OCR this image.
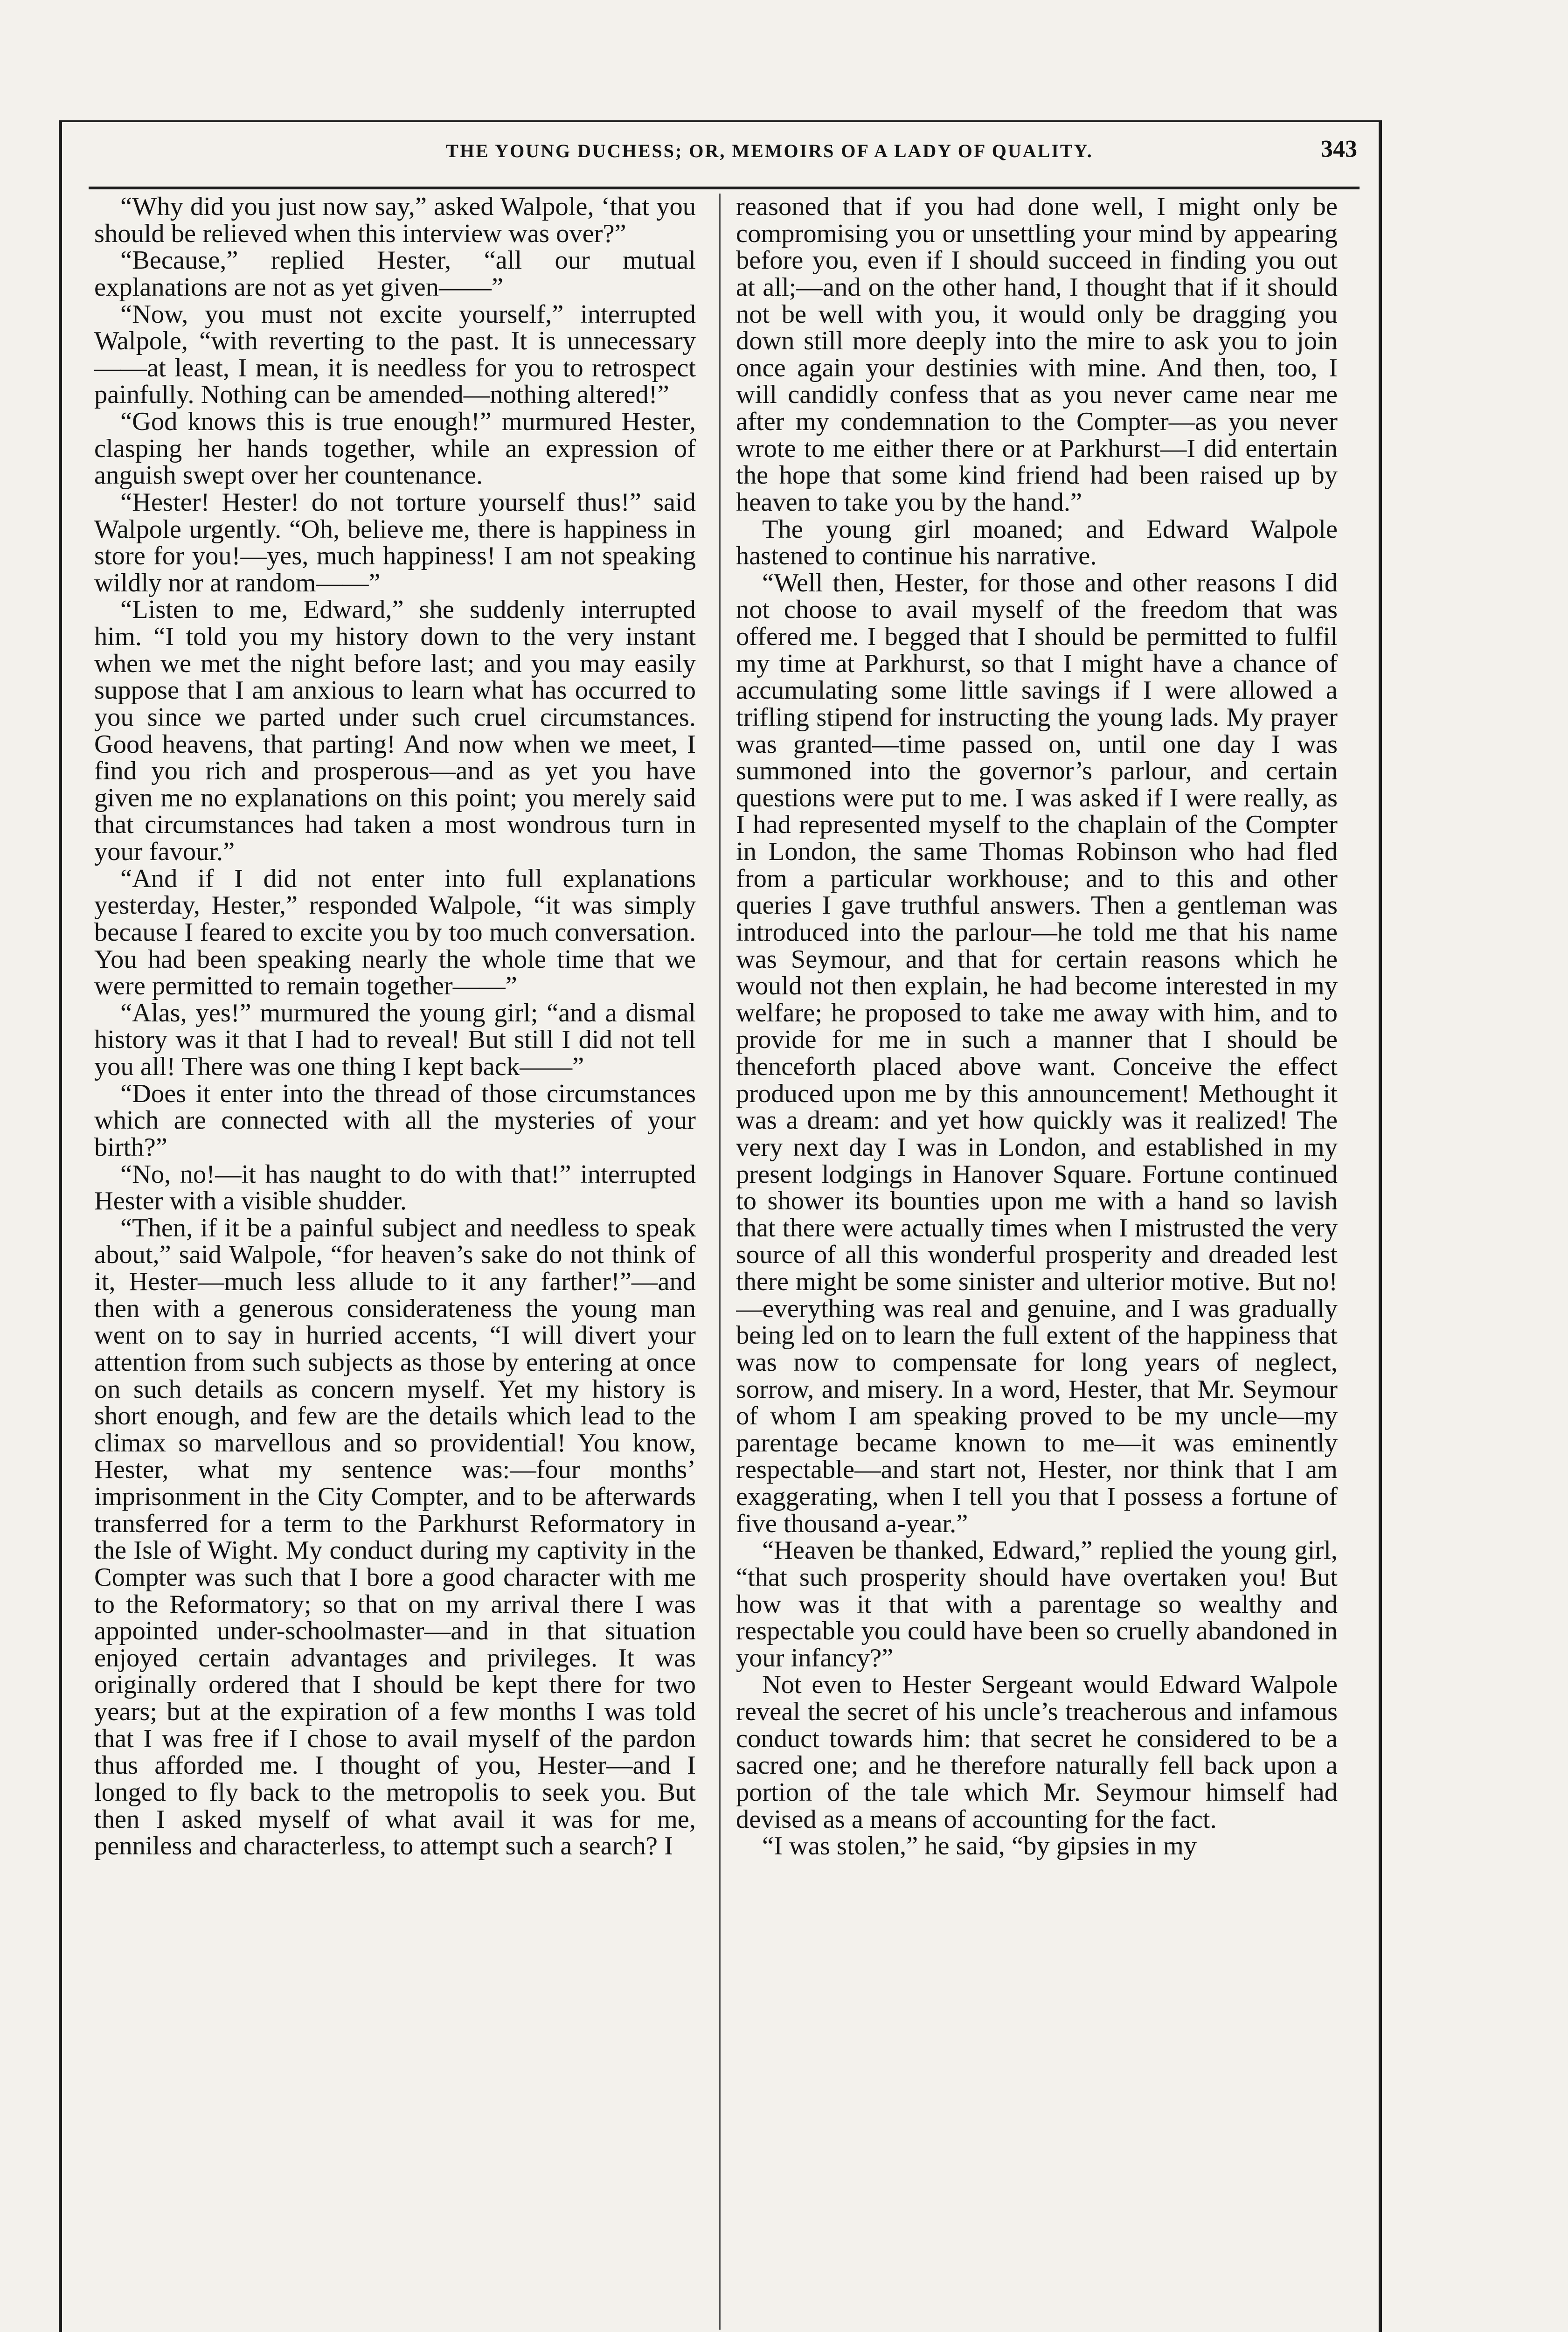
THE YOUNG DUCHESS; OR, MEMOIRS OF A LADY OF QUALITY.	343

“Why did you just now say,” asked Walpole, ‘that you should be relieved when this interview was over?”

“Because,” replied Hester, “all our mutual explanations are not as yet given——”

“Now, you must not excite yourself,” interrupted Walpole, “with reverting to the past. It is unnecessary——at least, I mean, it is needless for you to retrospect painfully. Nothing can be amended—nothing altered!”

“God knows this is true enough!” murmured Hester, clasping her hands together, while an expression of anguish swept over her countenance.

“Hester! Hester! do not torture yourself thus!” said Walpole urgently. “Oh, believe me, there is happiness in store for you!—yes, much happiness! I am not speaking wildly nor at random——”

“Listen to me, Edward,” she suddenly interrupted him. “I told you my history down to the very instant when we met the night before last; and you may easily suppose that I am anxious to learn what has occurred to you since we parted under such cruel circumstances. Good heavens, that parting! And now when we meet, I find you rich and prosperous—and as yet you have given me no explanations on this point; you merely said that circumstances had taken a most wondrous turn in your favour.”

“And if I did not enter into full explanations yesterday, Hester,” responded Walpole, “it was simply because I feared to excite you by too much conversation. You had been speaking nearly the whole time that we were permitted to remain together——”

“Alas, yes!” murmured the young girl; “and a dismal history was it that I had to reveal! But still I did not tell you all! There was one thing I kept back——”

“Does it enter into the thread of those circumstances which are connected with all the mysteries of your birth?”

“No, no!—it has naught to do with that!” interrupted Hester with a visible shudder.

“Then, if it be a painful subject and needless to speak about,” said Walpole, “for heaven’s sake do not think of it, Hester—much less allude to it any farther!”—and then with a generous considerateness the young man went on to say in hurried accents, “I will divert your attention from such subjects as those by entering at once on such details as concern myself. Yet my history is short enough, and few are the details which lead to the climax so marvellous and so providential! You know, Hester, what my sentence was:—four months’ imprisonment in the City Compter, and to be afterwards transferred for a term to the Parkhurst Reformatory in the Isle of Wight. My conduct during my captivity in the Compter was such that I bore a good character with me to the Reformatory; so that on my arrival there I was appointed under-schoolmaster—and in that situation enjoyed certain advantages and privileges. It was originally ordered that I should be kept there for two years; but at the expiration of a few months I was told that I was free if I chose to avail myself of the pardon thus afforded me. I thought of you, Hester—and I longed to fly back to the metropolis to seek you. But then I asked myself of what avail it was for me, penniless and characterless, to attempt such a search? I

reasoned that if you had done well, I might only be compromising you or unsettling your mind by appearing before you, even if I should succeed in finding you out at all;—and on the other hand, I thought that if it should not be well with you, it would only be dragging you down still more deeply into the mire to ask you to join once again your destinies with mine. And then, too, I will candidly confess that as you never came near me after my condemnation to the Compter—as you never wrote to me either there or at Parkhurst—I did entertain the hope that some kind friend had been raised up by heaven to take you by the hand.”

The young girl moaned; and Edward Walpole hastened to continue his narrative.

“Well then, Hester, for those and other reasons I did not choose to avail myself of the freedom that was offered me. I begged that I should be permitted to fulfil my time at Parkhurst, so that I might have a chance of accumulating some little savings if I were allowed a trifling stipend for instructing the young lads. My prayer was granted—time passed on, until one day I was summoned into the governor’s parlour, and certain questions were put to me. I was asked if I were really, as I had represented myself to the chaplain of the Compter in London, the same Thomas Robinson who had fled from a particular workhouse; and to this and other queries I gave truthful answers. Then a gentleman was introduced into the parlour—he told me that his name was Seymour, and that for certain reasons which he would not then explain, he had become interested in my welfare; he proposed to take me away with him, and to provide for me in such a manner that I should be thenceforth placed above want. Conceive the effect produced upon me by this announcement! Methought it was a dream: and yet how quickly was it realized! The very next day I was in London, and established in my present lodgings in Hanover Square. Fortune continued to shower its bounties upon me with a hand so lavish that there were actually times when I mistrusted the very source of all this wonderful prosperity and dreaded lest there might be some sinister and ulterior motive. But no!—everything was real and genuine, and I was gradually being led on to learn the full extent of the happiness that was now to compensate for long years of neglect, sorrow, and misery. In a word, Hester, that Mr. Seymour of whom I am speaking proved to be my uncle—my parentage became known to me—it was eminently respectable—and start not, Hester, nor think that I am exaggerating, when I tell you that I possess a fortune of five thousand a-year.”

“Heaven be thanked, Edward,” replied the young girl, “that such prosperity should have overtaken you! But how was it that with a parentage so wealthy and respectable you could have been so cruelly abandoned in your infancy?”

Not even to Hester Sergeant would Edward Walpole reveal the secret of his uncle’s treacherous and infamous conduct towards him: that secret he considered to be a sacred one; and he therefore naturally fell back upon a portion of the tale which Mr. Seymour himself had devised as a means of accounting for the fact.

“I was stolen,” he said, “by gipsies in my
